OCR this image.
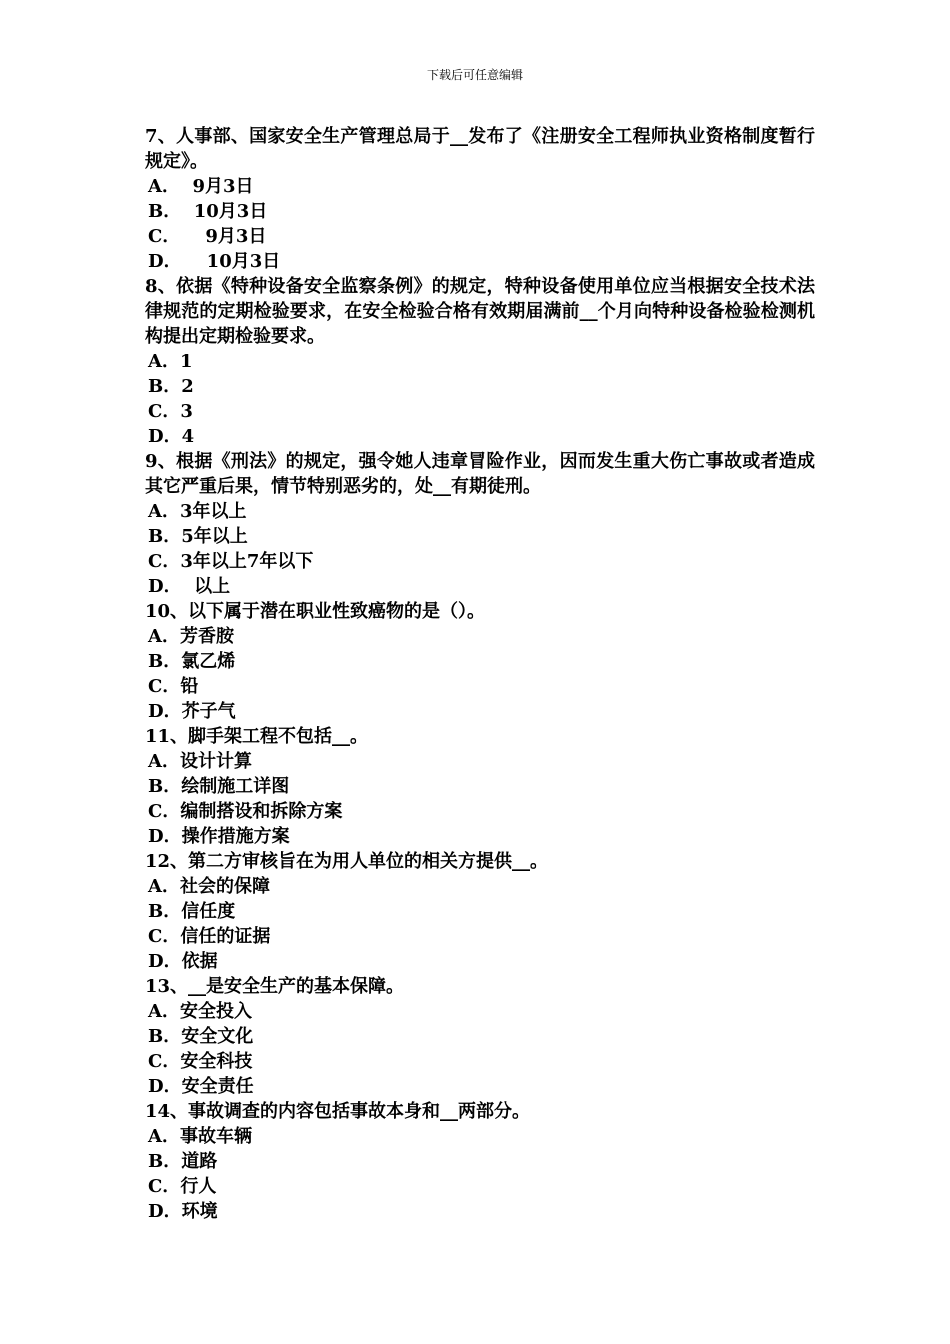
下载后可任意编辑

7、人事部、国家安全生产管理总局于__发布了《注册安全工程师执业资格制度暂行规定》。

A．  9月3日

B．  10月3日

C．    9月3日

D．    10月3日

8、依据《特种设备安全监察条例》的规定，特种设备使用单位应当根据安全技术法律规范的定期检验要求，在安全检验合格有效期届满前__个月向特种设备检验检测机构提出定期检验要求。

A．1

B．2

C．3

D．4

9、根据《刑法》的规定，强令她人违章冒险作业，因而发生重大伤亡事故或者造成其它严重后果，情节特别恶劣的，处__有期徒刑。

A．3年以上

B．5年以上

C．3年以上7年以下

D．  以上

10、以下属于潜在职业性致癌物的是（）。

A．芳香胺

B．氯乙烯

C．铅

D．芥子气

11、脚手架工程不包括__。

A．设计计算

B．绘制施工详图

C．编制搭设和拆除方案

D．操作措施方案

12、第二方审核旨在为用人单位的相关方提供__。

A．社会的保障

B．信任度

C．信任的证据

D．依据

13、__是安全生产的基本保障。

A．安全投入

B．安全文化

C．安全科技

D．安全责任

14、事故调查的内容包括事故本身和__两部分。

A．事故车辆

B．道路

C．行人

D．环境
